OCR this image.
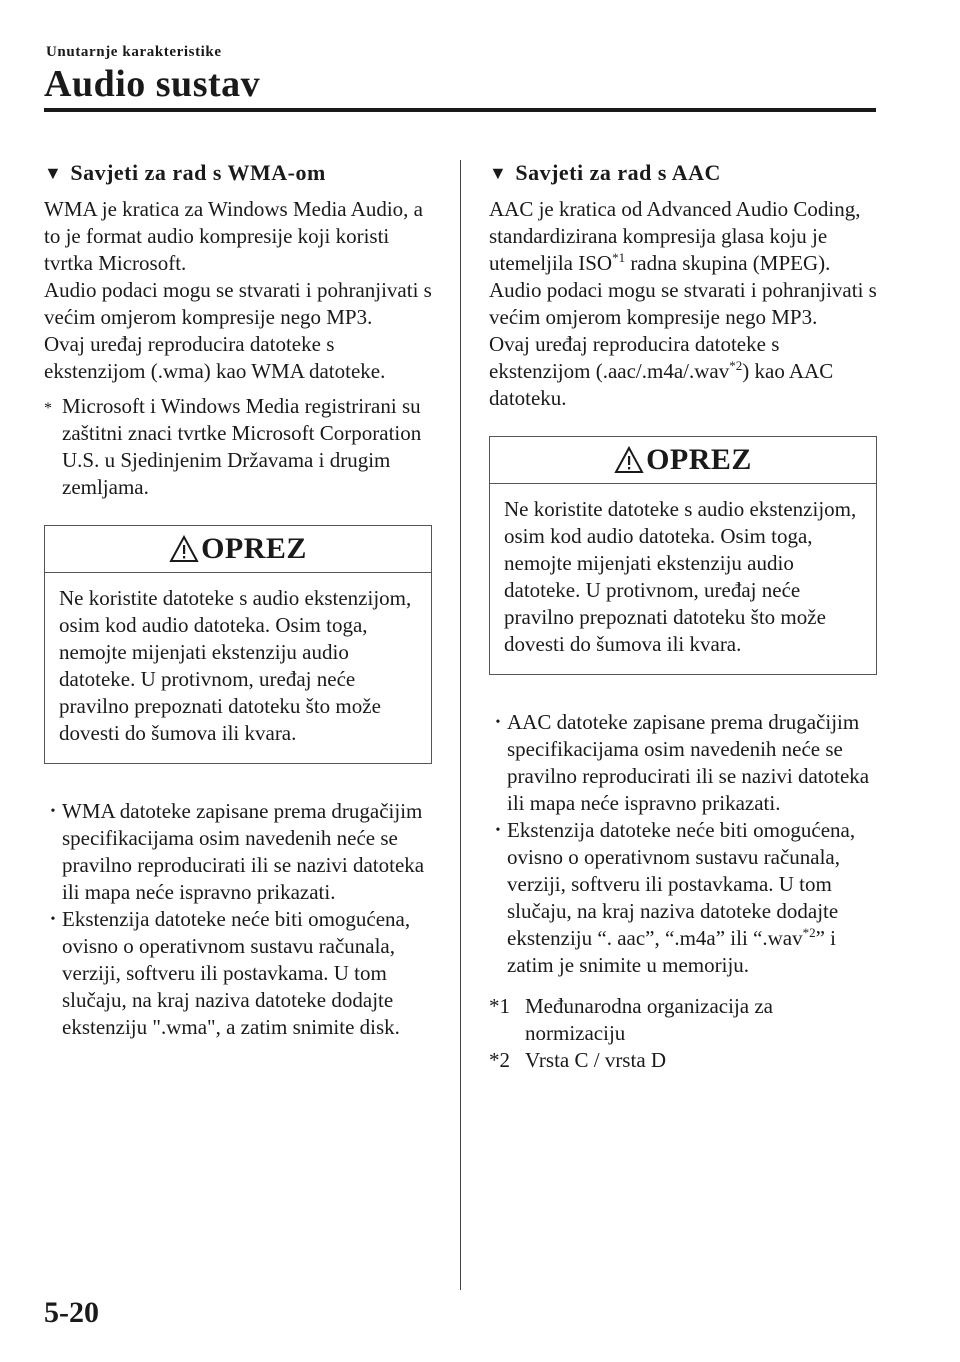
Unutarnje karakteristike
Audio sustav
▼ Savjeti za rad s WMA-om

WMA je kratica za Windows Media Audio, a to je format audio kompresije koji koristi tvrtka Microsoft.

Audio podaci mogu se stvarati i pohranjivati s većim omjerom kompresije nego MP3.

Ovaj uređaj reproducira datoteke s ekstenzijom (.wma) kao WMA datoteke.

* Microsoft i Windows Media registrirani su zaštitni znaci tvrtke Microsoft Corporation U.S. u Sjedinjenim Državama i drugim zemljama.
OPREZ
Ne koristite datoteke s audio ekstenzijom, osim kod audio datoteka. Osim toga, nemojte mijenjati ekstenziju audio datoteke. U protivnom, uređaj neće pravilno prepoznati datoteku što može dovesti do šumova ili kvara.
• WMA datoteke zapisane prema drugačijim specifikacijama osim navedenih neće se pravilno reproducirati ili se nazivi datoteka ili mapa neće ispravno prikazati.
• Ekstenzija datoteke neće biti omogućena, ovisno o operativnom sustavu računala, verziji, softveru ili postavkama. U tom slučaju, na kraj naziva datoteke dodajte ekstenziju ".wma", a zatim snimite disk.
▼ Savjeti za rad s AAC

AAC je kratica od Advanced Audio Coding, standardizirana kompresija glasa koju je utemeljila ISO$^{*1}$ radna skupina (MPEG). Audio podaci mogu se stvarati i pohranjivati s većim omjerom kompresije nego MP3.

Ovaj uređaj reproducira datoteke s ekstenzijom (.aac/.m4a/.wav$^{*2}$) kao AAC datoteku.

OPREZ
Ne koristite datoteke s audio ekstenzijom, osim kod audio datoteka. Osim toga, nemojte mijenjati ekstenziju audio datoteke. U protivnom, uređaj neće pravilno prepoznati datoteku što može dovesti do šumova ili kvara.
• AAC datoteke zapisane prema drugačijim specifikacijama osim navedenih neće se pravilno reproducirati ili se nazivi datoteka ili mapa neće ispravno prikazati.
• Ekstenzija datoteke neće biti omogućena, ovisno o operativnom sustavu računala, verziji, softveru ili postavkama. U tom slučaju, na kraj naziva datoteke dodajte ekstenziju “. aac”, “.m4a” ili “.wav$^{*2}$” i zatim je snimite u memoriju.
*1 Međunarodna organizacija za normizaciju
*2 Vrsta C / vrsta D
5-20
